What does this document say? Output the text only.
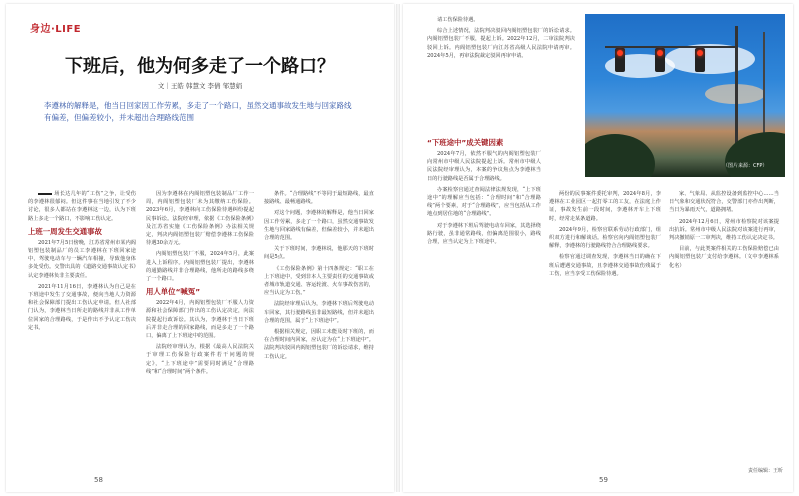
身边·LIFE
下班后，他为何多走了一个路口？
文｜王皓 韩慧文 李倩 邹慧娟
李遵林的解释是，他当日回家因工作劳累，多走了一个路口，虽然交通事故发生地与回家路线有偏差，但偏差较小，并未超出合理路线范围

场长达几年的“工伤”之争，让受伤的李遵林很郁闷。但这件事在当地引发了不少讨论，很多人都站在李遵林这一边，认为下班路上多走一个路口，不影响工伤认定。

上班一周发生交通事故

2021年7月5日傍晚，江苏省常州市某内阁铝塑包装制品厂的员工李遵林在下班回家途中，驾驶电动车与一辆汽车相撞，导致他身体多处受伤。交警出具的《道路交通事故认定书》认定李遵林负非主要责任。

2021年11月16日，李遵林认为自己是在下班途中发生了交通事故，便向当地人力资源和社会保障部门提出工伤认定申请。但人社部门认为，李遵林当日所走的路线并非从工作单位回家的合理路线，于是作出不予认定工伤决定书。

因为李遵林在内阁铝塑包装制品厂工作一周，内阁铝塑包装厂未为其缴纳工伤保险。2023年6月，李遵林向工伤保险待遇纠纷提起民事诉讼。法院经审理，依据《工伤保险条例》及江苏省实施《工伤保险条例》办法相关规定，判决内阁铝塑包装厂赔偿李遵林工伤保险待遇30余万元。

内阁铝塑包装厂不服，2024年5月，此案进入上诉程序。内阁铝塑包装厂提出，李遵林的通勤路线并非合理路线，他所走的路线多绕了一个路口。

用人单位“喊冤”

2022年4月，内阁铝塑包装厂不服人力资源和社会保障部门作出的工伤认定决定，向法院提起行政诉讼。其认为，李遵林于当日下班后并非走合理的回家路线，而是多走了一个路口，偏离了上下班途中的范围。

法院经审理认为，根据《最高人民法院关于审理工伤保险行政案件若干问题的规定》，“上下班途中”需要同时满足“合理路线”和“合理时间”两个条件。

条件。“合理路线”不等同于最短路线，最直接路线、最畅通路线。

对这个问题，李遵林的解释是，他当日回家因工作劳累，多走了一个路口，虽然交通事故发生地与回家路线有偏差，但偏差较小，并未超出合理的范围。

关于下班时间，李遵林说，他那天的下班时间是5点。

《工伤保险条例》第十四条规定：“职工在上下班途中，受到非本人主要责任的交通事故或者城市轨道交通、客运轮渡、火车事故伤害的，应当认定为工伤。”

法院经审理后认为，李遵林下班后驾驶电动车回家，其行驶路线虽非最短路线，但并未超出合理的范围，属于“上下班途中”。

根据相关规定，因职工未能及时下班的，而在合理时间内回家，应认定为在“上下班途中”。法院判决驳回内阁铝塑包装厂的诉讼请求，维持工伤认定。

58

请工伤保险待遇。

综合上述情况，法院判决驳回内阁铝塑包装厂的诉讼请求。内阁铝塑包装厂不服，提起上诉。2022年12月，二审法院判决驳回上诉。内阁铝塑包装厂向江苏省高级人民法院申请再审。2024年5月，再审法院裁定驳回再审申请。

（图片来源：CFP）
“下班途中”成关键因素

2024年7月，依然不服气的内阁铝塑包装厂向常州市中级人民法院提起上诉。常州市中级人民法院经审理认为，本案的争议焦点为李遵林当日的行驶路线是否属于合理路线。

办案检察官通过查阅法律法规发现，“上下班途中”的理解应当包括：“合理时间”和“合理路线”两个要素，对于“合理路线”，应当包括从工作地点到居住地的“合理路线”。

对于李遵林下班后驾驶电动车回家，其选择绕路行驶，虽非通常路线，但偏离范围很小，路线合理，应当认定为上下班途中。

两份的民事案件委托审判，2024年8月，李遵林在工业园区一起打零工的工友，在法庭上作证，事故发生前一段时间，李遵林开车上下班时，经常走某条道路。

2024年9月，检察官联系劳动行政部门，组织双方进行和解谈话。检察官向内阁铝塑包装厂解释，李遵林的行驶路线符合合理路线要求。

检察官通过调查发现，李遵林当日的确在下班后遭遇交通事故，且李遵林交通事故伤残属于工伤，应当享受工伤保险待遇。

家、气象局、从监控设备到监控中心……当日气象和交通状况符合，交警部门亦作出判断，当日为暴雨天气，道路拥堵。

2024年12月6日，常州市检察院对该案提出抗诉。常州市中级人民法院对该案进行再审，判决撤销原一二审判决，维持工伤认定决定书。

目前，与此类案件相关的工伤保险赔偿已由内阁铝塑包装厂支付给李遵林。（文中李遵林系化名）

责任编辑：王昕
59
